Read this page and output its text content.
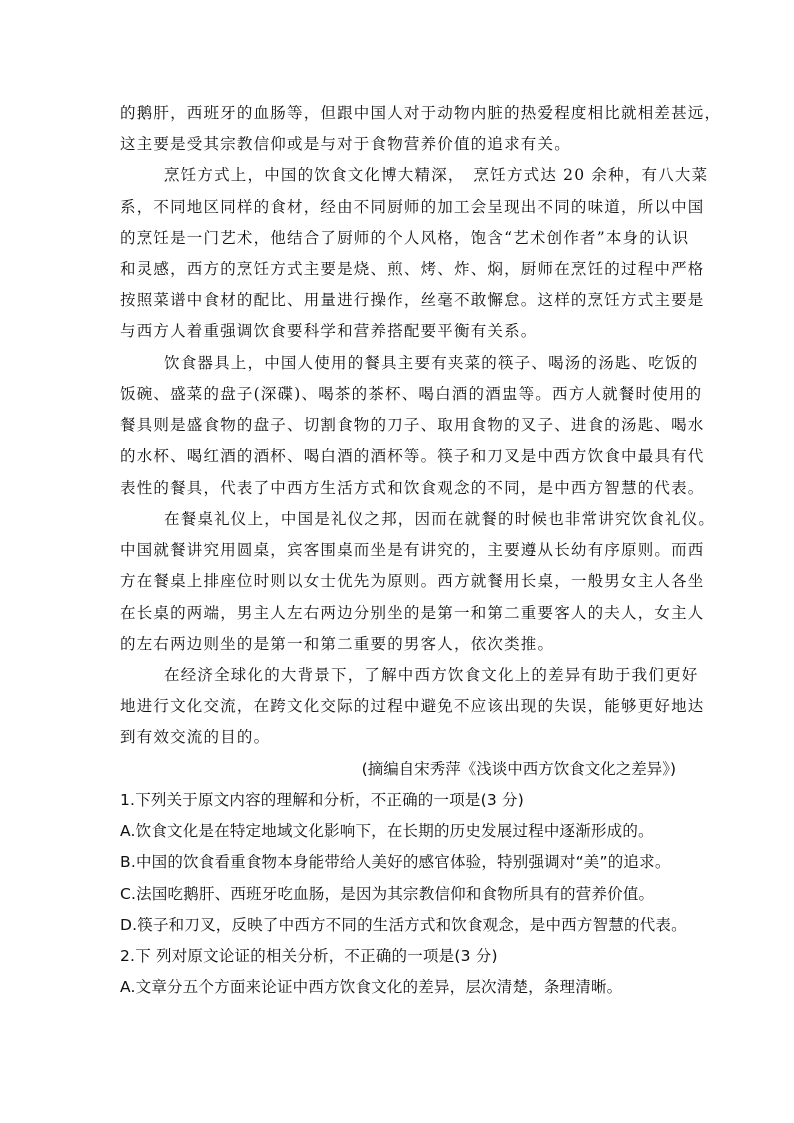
的鹅肝，西班牙的血肠等，但跟中国人对于动物内脏的热爱程度相比就相差甚远，
这主要是受其宗教信仰或是与对于食物营养价值的追求有关。
烹饪方式上，中国的饮食文化博大精深，　烹饪方式达 20 余种，有八大菜
系，不同地区同样的食材，经由不同厨师的加工会呈现出不同的味道，所以中国
的烹饪是一门艺术，他结合了厨师的个人风格，饱含“艺术创作者”本身的认识
和灵感，西方的烹饪方式主要是烧、煎、烤、炸、焖，厨师在烹饪的过程中严格
按照菜谱中食材的配比、用量进行操作，丝毫不敢懈怠。这样的烹饪方式主要是
与西方人着重强调饮食要科学和营养搭配要平衡有关系。
饮食器具上，中国人使用的餐具主要有夹菜的筷子、喝汤的汤匙、吃饭的
饭碗、盛菜的盘子(深碟)、喝茶的茶杯、喝白酒的酒盅等。西方人就餐时使用的
餐具则是盛食物的盘子、切割食物的刀子、取用食物的叉子、进食的汤匙、喝水
的水杯、喝红酒的酒杯、喝白酒的酒杯等。筷子和刀叉是中西方饮食中最具有代
表性的餐具，代表了中西方生活方式和饮食观念的不同，是中西方智慧的代表。
在餐桌礼仪上，中国是礼仪之邦，因而在就餐的时候也非常讲究饮食礼仪。
中国就餐讲究用圆桌，宾客围桌而坐是有讲究的，主要遵从长幼有序原则。而西
方在餐桌上排座位时则以女士优先为原则。西方就餐用长桌，一般男女主人各坐
在长桌的两端，男主人左右两边分别坐的是第一和第二重要客人的夫人，女主人
的左右两边则坐的是第一和第二重要的男客人，依次类推。
在经济全球化的大背景下，了解中西方饮食文化上的差异有助于我们更好
地进行文化交流，在跨文化交际的过程中避免不应该出现的失误，能够更好地达
到有效交流的目的。
(摘编自宋秀萍《浅谈中西方饮食文化之差异》)
1.下列关于原文内容的理解和分析，不正确的一项是(3 分)
A.饮食文化是在特定地域文化影响下，在长期的历史发展过程中逐渐形成的。
B.中国的饮食看重食物本身能带给人美好的感官体验，特别强调对“美”的追求。
C.法国吃鹅肝、西班牙吃血肠，是因为其宗教信仰和食物所具有的营养价值。
D.筷子和刀叉，反映了中西方不同的生活方式和饮食观念，是中西方智慧的代表。
2.下 列对原文论证的相关分析，不正确的一项是(3 分)
A.文章分五个方面来论证中西方饮食文化的差异，层次清楚，条理清晰。
